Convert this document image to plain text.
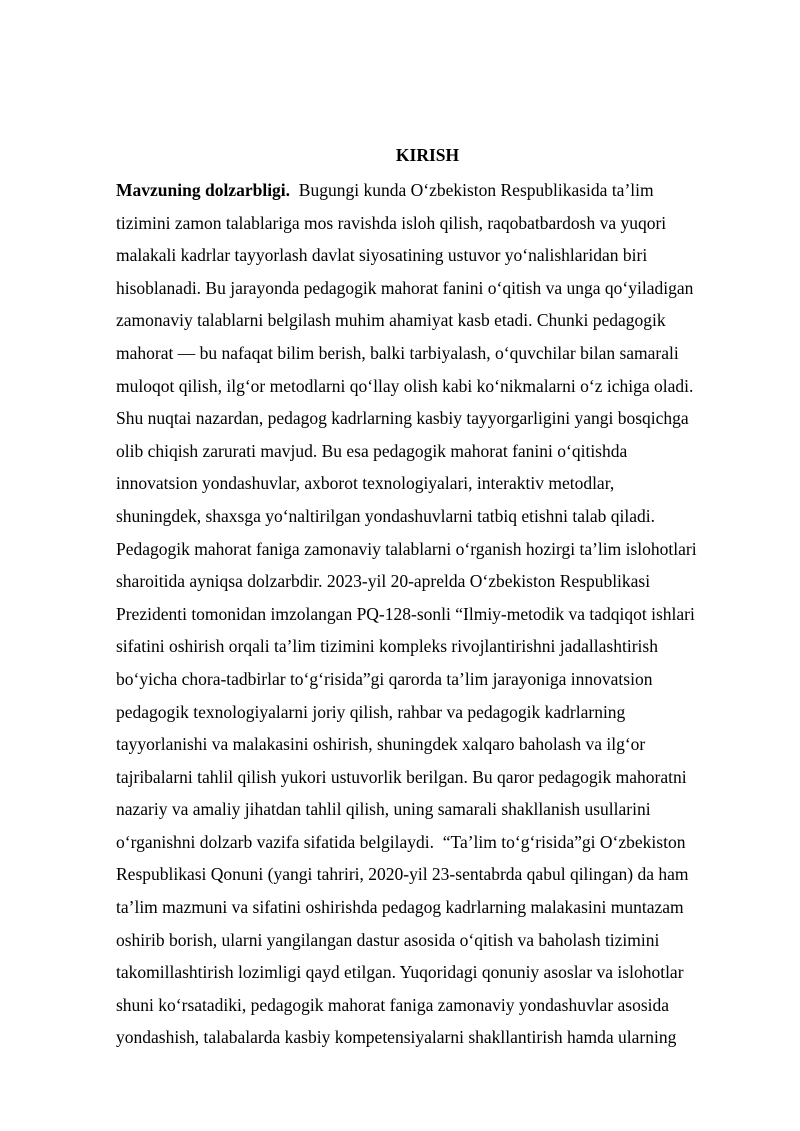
KIRISH
Mavzuning dolzarbligi.  Bugungi kunda O‘zbekiston Respublikasida ta’lim
tizimini zamon talablariga mos ravishda isloh qilish, raqobatbardosh va yuqori
malakali kadrlar tayyorlash davlat siyosatining ustuvor yo‘nalishlaridan biri
hisoblanadi. Bu jarayonda pedagogik mahorat fanini o‘qitish va unga qo‘yiladigan
zamonaviy talablarni belgilash muhim ahamiyat kasb etadi. Chunki pedagogik
mahorat — bu nafaqat bilim berish, balki tarbiyalash, o‘quvchilar bilan samarali
muloqot qilish, ilg‘or metodlarni qo‘llay olish kabi ko‘nikmalarni o‘z ichiga oladi.
Shu nuqtai nazardan, pedagog kadrlarning kasbiy tayyorgarligini yangi bosqichga
olib chiqish zarurati mavjud. Bu esa pedagogik mahorat fanini o‘qitishda
innovatsion yondashuvlar, axborot texnologiyalari, interaktiv metodlar,
shuningdek, shaxsga yo‘naltirilgan yondashuvlarni tatbiq etishni talab qiladi.
Pedagogik mahorat faniga zamonaviy talablarni o‘rganish hozirgi ta’lim islohotlari
sharoitida ayniqsa dolzarbdir. 2023-yil 20-aprelda O‘zbekiston Respublikasi
Prezidenti tomonidan imzolangan PQ-128-sonli “Ilmiy-metodik va tadqiqot ishlari
sifatini oshirish orqali ta’lim tizimini kompleks rivojlantirishni jadallashtirish
bo‘yicha chora-tadbirlar to‘g‘risida”gi qarorda ta’lim jarayoniga innovatsion
pedagogik texnologiyalarni joriy qilish, rahbar va pedagogik kadrlarning
tayyorlanishi va malakasini oshirish, shuningdek xalqaro baholash va ilg‘or
tajribalarni tahlil qilish yukori ustuvorlik berilgan. Bu qaror pedagogik mahoratni
nazariy va amaliy jihatdan tahlil qilish, uning samarali shakllanish usullarini
o‘rganishni dolzarb vazifa sifatida belgilaydi.  “Ta’lim to‘g‘risida”gi O‘zbekiston
Respublikasi Qonuni (yangi tahriri, 2020-yil 23-sentabrda qabul qilingan) da ham
ta’lim mazmuni va sifatini oshirishda pedagog kadrlarning malakasini muntazam
oshirib borish, ularni yangilangan dastur asosida o‘qitish va baholash tizimini
takomillashtirish lozimligi qayd etilgan. Yuqoridagi qonuniy asoslar va islohotlar
shuni ko‘rsatadiki, pedagogik mahorat faniga zamonaviy yondashuvlar asosida
yondashish, talabalarda kasbiy kompetensiyalarni shakllantirish hamda ularning
